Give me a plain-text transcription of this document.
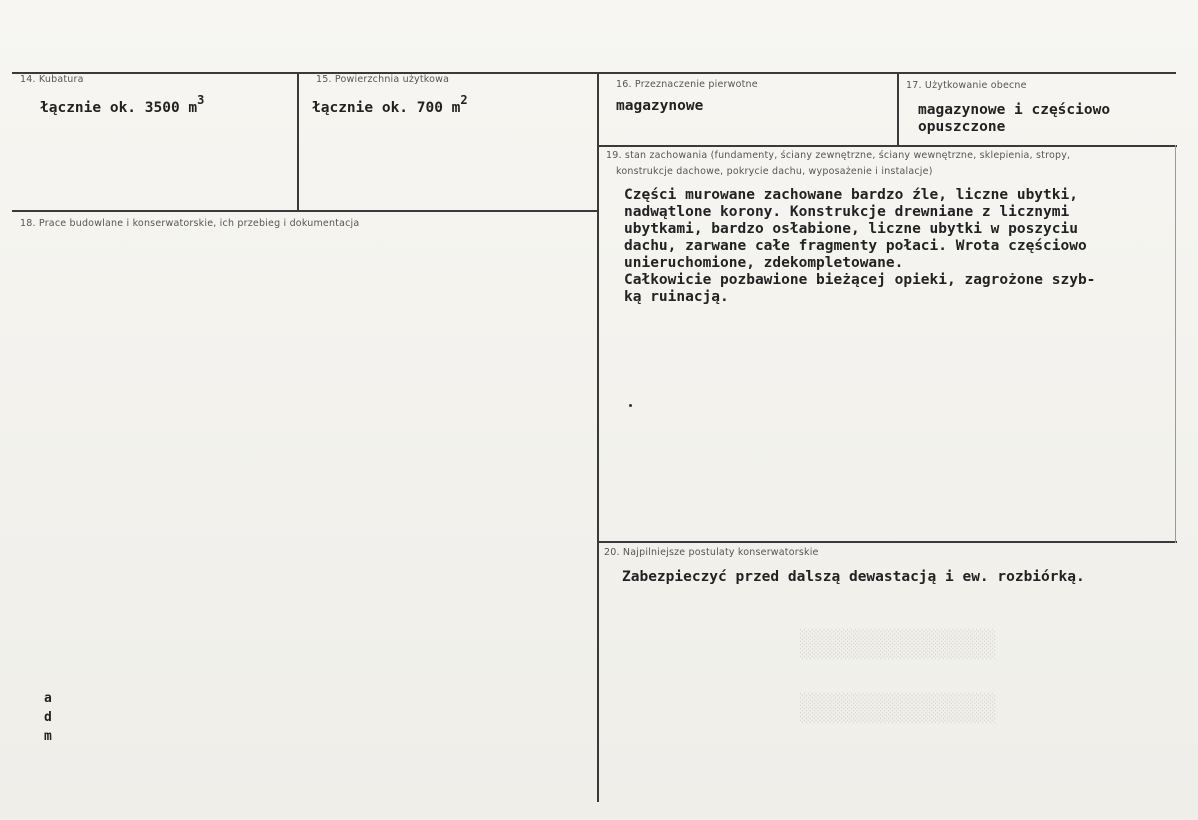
14. Kubatura
łącznie ok. 3500 $m^3$
15. Powierzchnia użytkowa
łącznie ok. 700 $m^2$
16. Przeznaczenie pierwotne
magazynowe
17. Użytkowanie obecne
magazynowe i częściowo
opuszczone
18. Prace budowlane i konserwatorskie, ich przebieg i dokumentacja
a
d
m
19. stan zachowania (fundamenty, ściany zewnętrzne, ściany wewnętrzne, sklepienia, stropy,
konstrukcje dachowe, pokrycie dachu, wyposażenie i instalacje)
Części murowane zachowane bardzo źle, liczne ubytki,
nadwątlone korony. Konstrukcje drewniane z licznymi
ubytkami, bardzo osłabione, liczne ubytki w poszyciu
dachu, zarwane całe fragmenty połaci. Wrota częściowo
unieruchomione, zdekompletowane.
Całkowicie pozbawione bieżącej opieki, zagrożone szyb-
ką ruinacją.
20. Najpilniejsze postulaty konserwatorskie
Zabezpieczyć przed dalszą dewastacją i ew. rozbiórką.
░░░░░░░░░░░░░░░░░░░░░░░░░
░░░░░░░░░░░░░░░░░░░░░░░░░
░░░░░░░░░░░░░░░░░░░░░░░░░
░░░░░░░░░░░░░░░░░░░░░░░░░
